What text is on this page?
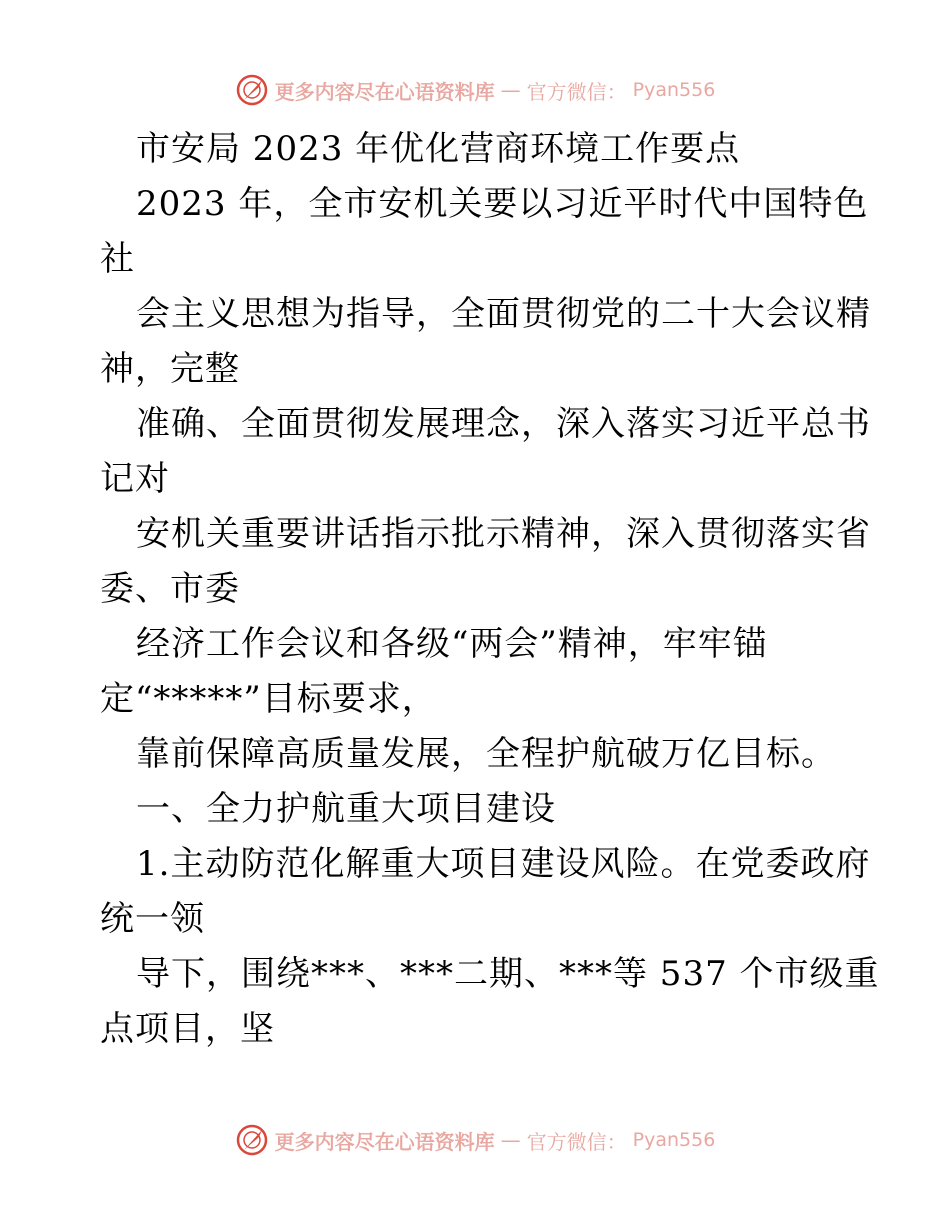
更多内容尽在心语资料库 — 官方微信： Pyan556
市安局 2023 年优化营商环境工作要点
2023 年，全市安机关要以习近平时代中国特色
社
会主义思想为指导，全面贯彻党的二十大会议精
神，完整
准确、全面贯彻发展理念，深入落实习近平总书
记对
安机关重要讲话指示批示精神，深入贯彻落实省
委、市委
经济工作会议和各级“两会”精神，牢牢锚
定“*****”目标要求，
靠前保障高质量发展，全程护航破万亿目标。
一、全力护航重大项目建设
1.主动防范化解重大项目建设风险。在党委政府
统一领
导下，围绕***、***二期、***等 537 个市级重
点项目，坚
更多内容尽在心语资料库 — 官方微信： Pyan556
